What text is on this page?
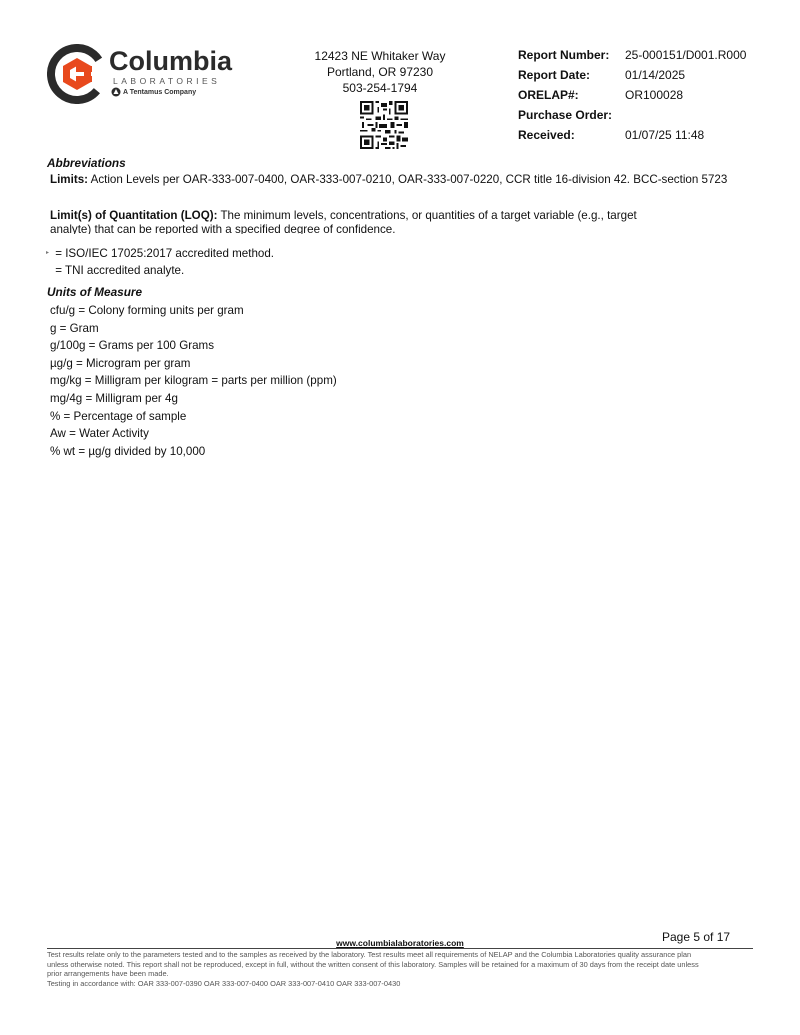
Columbia
LABORATORIES
A Tentamus Company
12423 NE Whitaker Way
Portland, OR 97230
503-254-1794
Report Number: 25-000151/D001.R000
Report Date:	01/14/2025
ORELAP#:	OR100028
Purchase Order:
Received:	01/07/25 11:48
Abbreviations
Limits: Action Levels per OAR-333-007-0400, OAR-333-007-0210, OAR-333-007-0220, CCR title 16-division 42. BCC-section 5723
Limit(s) of Quantitation (LOQ): The minimum levels, concentrations, or quantities of a target variable (e.g., target
analyte) that can be reported with a specified degree of confidence.
▸ = ISO/IEC 17025:2017 accredited method.
  = TNI accredited analyte.
Units of Measure
cfu/g = Colony forming units per gram
g = Gram
g/100g = Grams per 100 Grams
µg/g = Microgram per gram
mg/kg = Milligram per kilogram = parts per million (ppm)
mg/4g = Milligram per 4g
% = Percentage of sample
Aw = Water Activity
% wt = µg/g divided by 10,000
Page 5 of 17
www.columbialaboratories.com
Test results relate only to the parameters tested and to the samples as received by the laboratory. Test results meet all requirements of NELAP and the Columbia Laboratories quality assurance plan
unless otherwise noted. This report shall not be reproduced, except in full, without the written consent of this laboratory. Samples will be retained for a maximum of 30 days from the receipt date unless
prior arrangements have been made.
Testing in accordance with: OAR 333-007-0390 OAR 333-007-0400 OAR 333-007-0410 OAR 333-007-0430
